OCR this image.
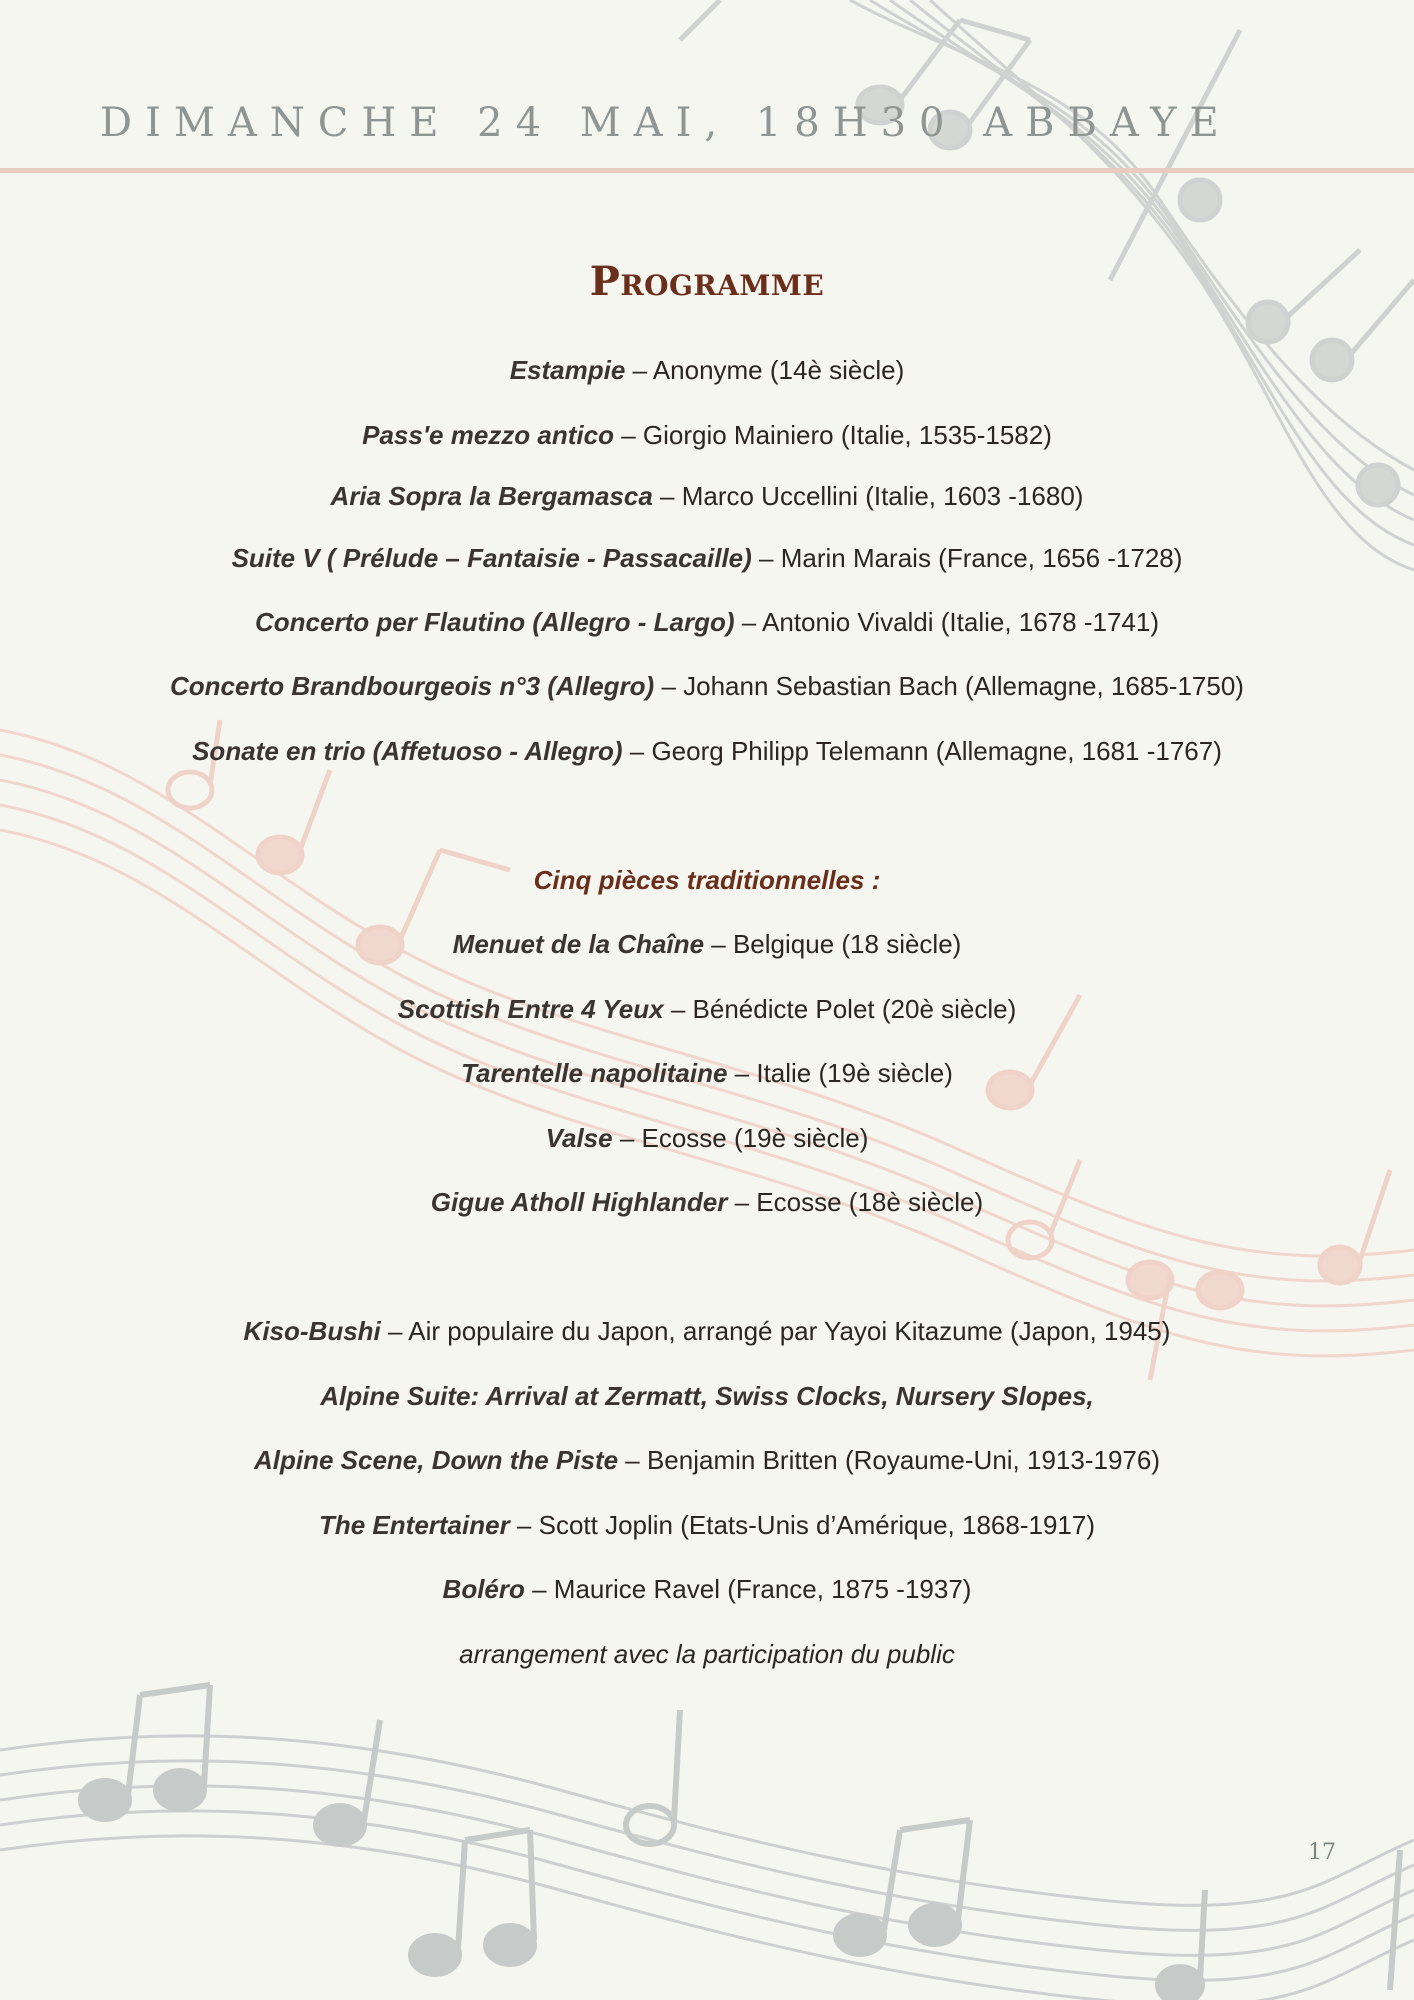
DIMANCHE 24 MAI, 18H30 ABBAYE
Programme
Estampie – Anonyme (14è siècle)
Pass'e mezzo antico – Giorgio Mainiero (Italie, 1535-1582)
Aria Sopra la Bergamasca – Marco Uccellini (Italie, 1603 -1680)
Suite V ( Prélude – Fantaisie - Passacaille) – Marin Marais (France, 1656 -1728)
Concerto per Flautino (Allegro - Largo) – Antonio Vivaldi (Italie, 1678 -1741)
Concerto Brandbourgeois n°3 (Allegro) – Johann Sebastian Bach (Allemagne, 1685-1750)
Sonate en trio (Affetuoso - Allegro) – Georg Philipp Telemann (Allemagne, 1681 -1767)
Cinq pièces traditionnelles :
Menuet de la Chaîne – Belgique (18 siècle)
Scottish Entre 4 Yeux – Bénédicte Polet (20è siècle)
Tarentelle napolitaine – Italie (19è siècle)
Valse – Ecosse (19è siècle)
Gigue Atholl Highlander – Ecosse (18è siècle)
Kiso-Bushi – Air populaire du Japon, arrangé par Yayoi Kitazume (Japon, 1945)
Alpine Suite: Arrival at Zermatt, Swiss Clocks, Nursery Slopes,
Alpine Scene, Down the Piste – Benjamin Britten (Royaume-Uni, 1913-1976)
The Entertainer – Scott Joplin (Etats-Unis d’Amérique, 1868-1917)
Boléro – Maurice Ravel (France, 1875 -1937)
arrangement avec la participation du public
17
